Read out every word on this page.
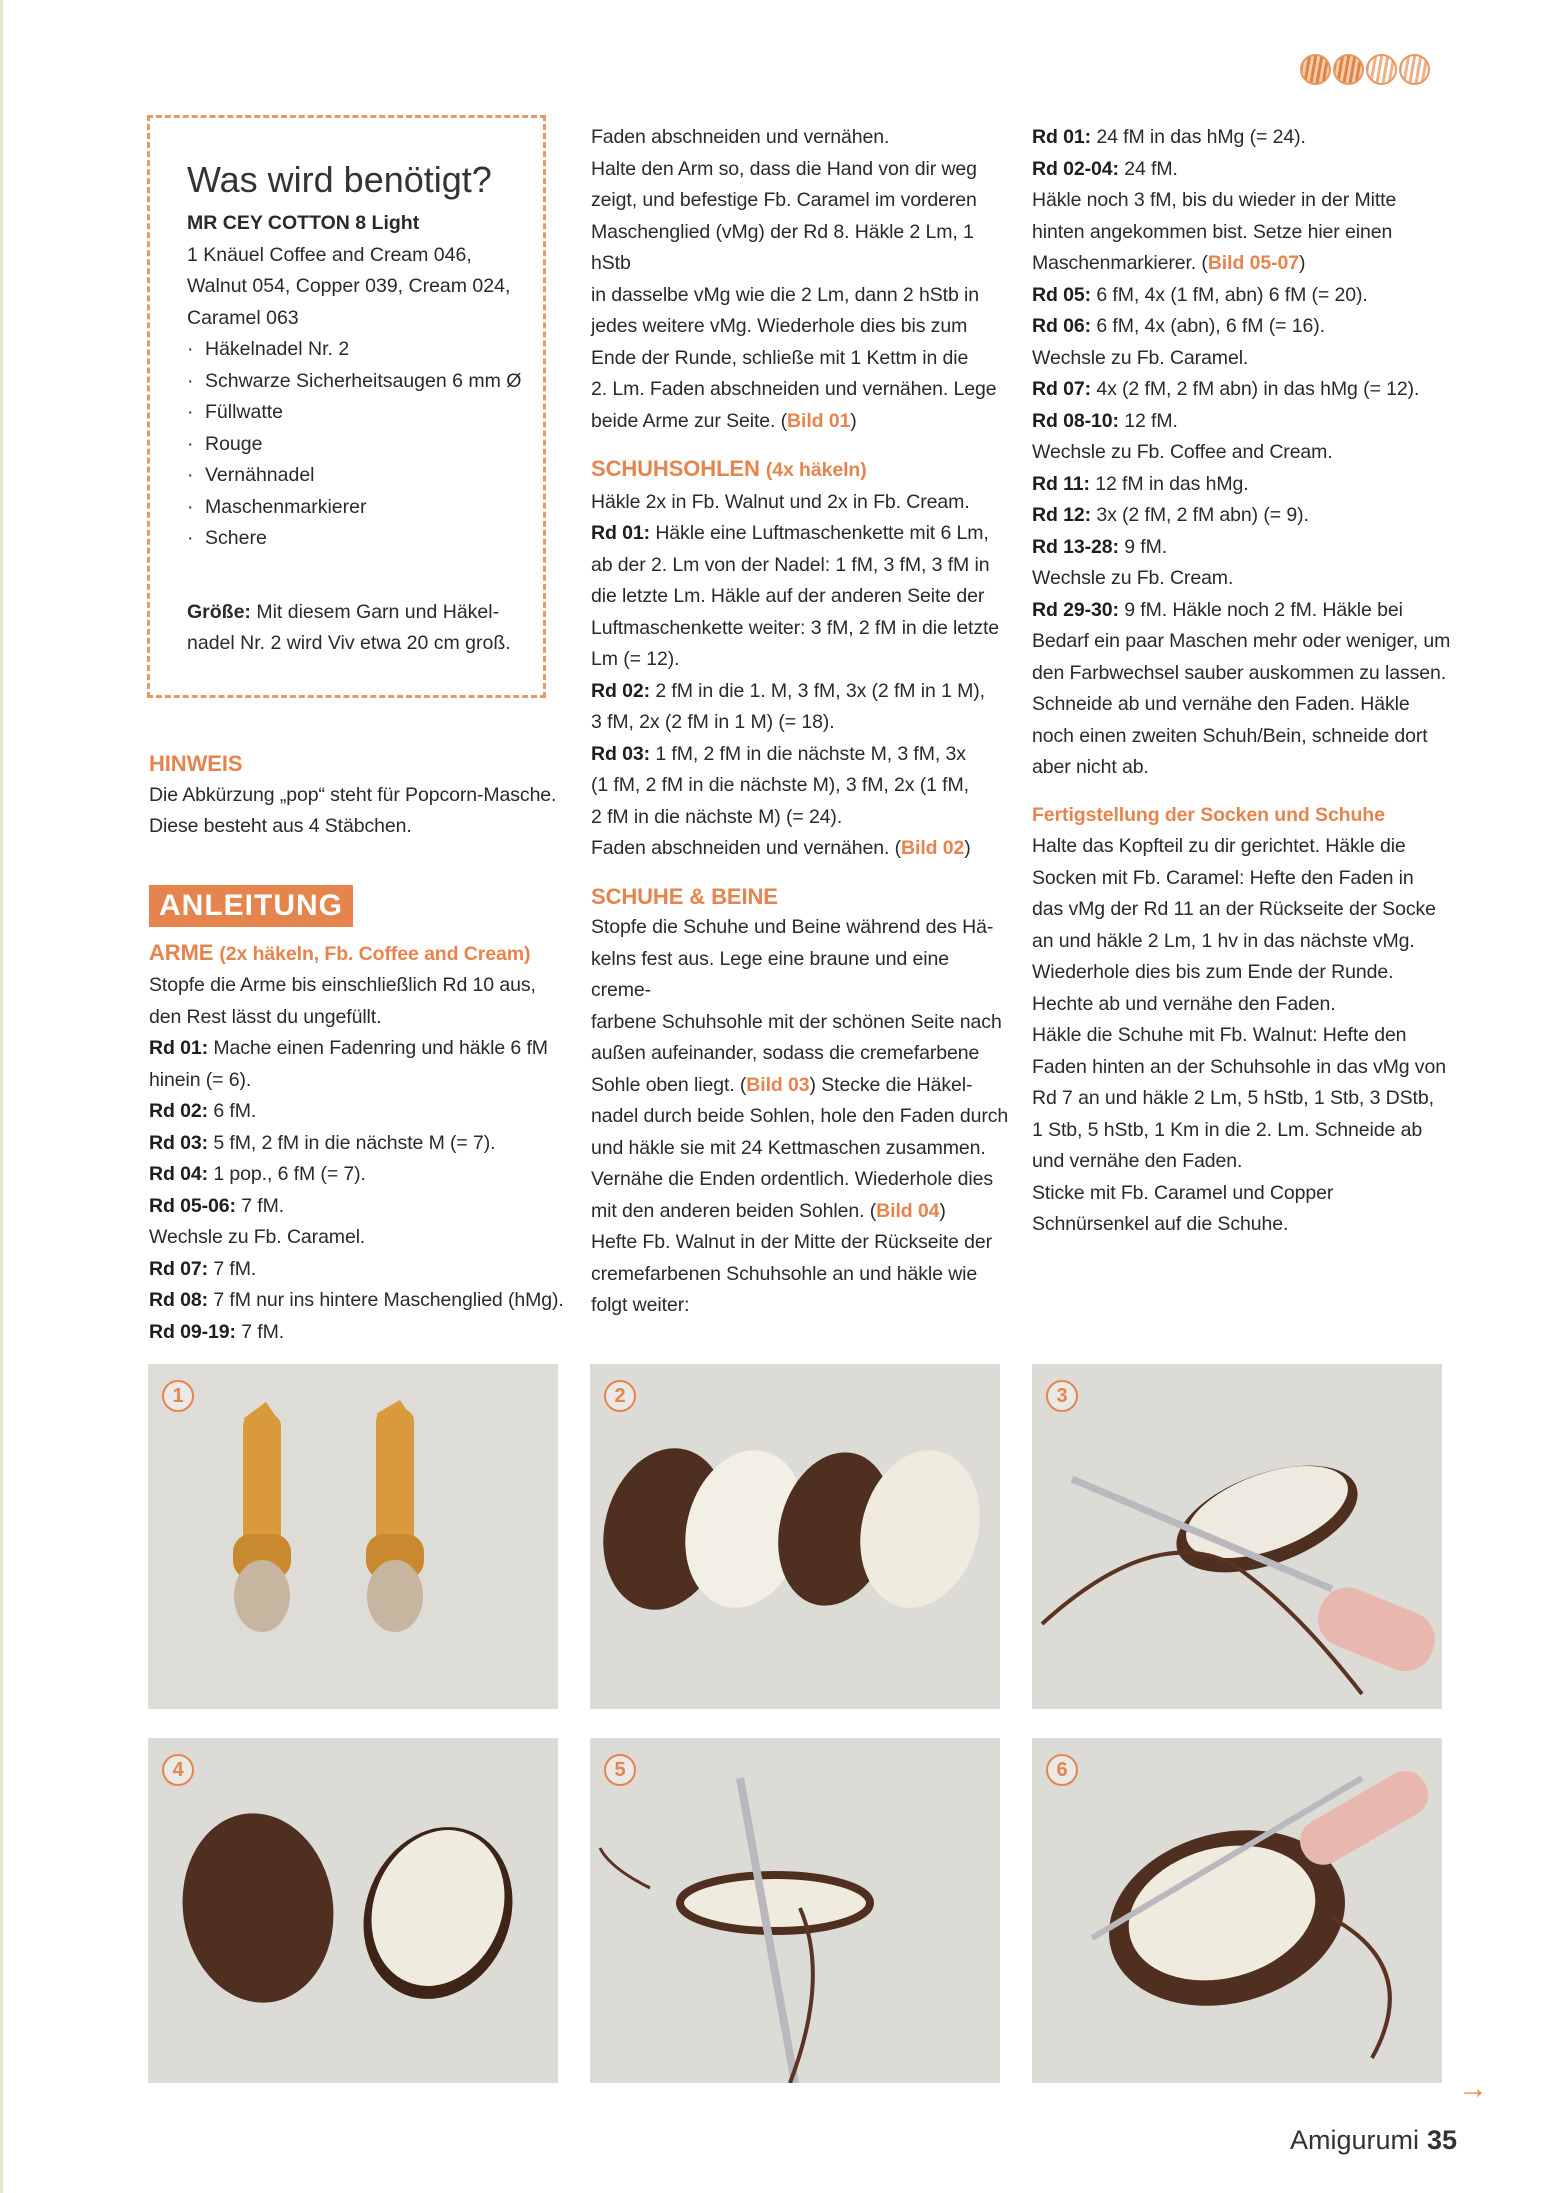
Was wird benötigt?

MR CEY COTTON 8 Light

1 Knäuel Coffee and Cream 046,
Walnut 054, Copper 039, Cream 024,
Caramel 063
· Häkelnadel Nr. 2
· Schwarze Sicherheitsaugen 6 mm Ø
· Füllwatte
· Rouge
· Vernähnadel
· Maschenmarkierer
· Schere
Größe: Mit diesem Garn und Häkel-
nadel Nr. 2 wird Viv etwa 20 cm groß.
HINWEIS

Die Abkürzung „pop“ steht für Popcorn-Masche.

Diese besteht aus 4 Stäbchen.

ANLEITUNG
ARME (2x häkeln, Fb. Coffee and Cream)

Stopfe die Arme bis einschließlich Rd 10 aus,

den Rest lässt du ungefüllt.

Rd 01: Mache einen Fadenring und häkle 6 fM

hinein (= 6).

Rd 02: 6 fM.

Rd 03: 5 fM, 2 fM in die nächste M (= 7).

Rd 04: 1 pop., 6 fM (= 7).

Rd 05-06: 7 fM.

Wechsle zu Fb. Caramel.

Rd 07: 7 fM.

Rd 08: 7 fM nur ins hintere Maschenglied (hMg).

Rd 09-19: 7 fM.

Faden abschneiden und vernähen.

Halte den Arm so, dass die Hand von dir weg

zeigt, und befestige Fb. Caramel im vorderen

Maschenglied (vMg) der Rd 8. Häkle 2 Lm, 1 hStb

in dasselbe vMg wie die 2 Lm, dann 2 hStb in

jedes weitere vMg. Wiederhole dies bis zum

Ende der Runde, schließe mit 1 Kettm in die

2. Lm. Faden abschneiden und vernähen. Lege

beide Arme zur Seite. (Bild 01)

SCHUHSOHLEN (4x häkeln)

Häkle 2x in Fb. Walnut und 2x in Fb. Cream.

Rd 01: Häkle eine Luftmaschenkette mit 6 Lm,

ab der 2. Lm von der Nadel: 1 fM, 3 fM, 3 fM in

die letzte Lm. Häkle auf der anderen Seite der

Luftmaschenkette weiter: 3 fM, 2 fM in die letzte

Lm (= 12).

Rd 02: 2 fM in die 1. M, 3 fM, 3x (2 fM in 1 M),

3 fM, 2x (2 fM in 1 M) (= 18).

Rd 03: 1 fM, 2 fM in die nächste M, 3 fM, 3x

(1 fM, 2 fM in die nächste M), 3 fM, 2x (1 fM,

2 fM in die nächste M) (= 24).

Faden abschneiden und vernähen. (Bild 02)

SCHUHE & BEINE

Stopfe die Schuhe und Beine während des Hä-

kelns fest aus. Lege eine braune und eine creme-

farbene Schuhsohle mit der schönen Seite nach

außen aufeinander, sodass die cremefarbene

Sohle oben liegt. (Bild 03) Stecke die Häkel-

nadel durch beide Sohlen, hole den Faden durch

und häkle sie mit 24 Kettmaschen zusammen.

Vernähe die Enden ordentlich. Wiederhole dies

mit den anderen beiden Sohlen. (Bild 04)

Hefte Fb. Walnut in der Mitte der Rückseite der

cremefarbenen Schuhsohle an und häkle wie

folgt weiter:

Rd 01: 24 fM in das hMg (= 24).

Rd 02-04: 24 fM.

Häkle noch 3 fM, bis du wieder in der Mitte

hinten angekommen bist. Setze hier einen

Maschenmarkierer. (Bild 05-07)

Rd 05: 6 fM, 4x (1 fM, abn) 6 fM (= 20).

Rd 06: 6 fM, 4x (abn), 6 fM (= 16).

Wechsle zu Fb. Caramel.

Rd 07: 4x (2 fM, 2 fM abn) in das hMg (= 12).

Rd 08-10: 12 fM.

Wechsle zu Fb. Coffee and Cream.

Rd 11: 12 fM in das hMg.

Rd 12: 3x (2 fM, 2 fM abn) (= 9).

Rd 13-28: 9 fM.

Wechsle zu Fb. Cream.

Rd 29-30: 9 fM. Häkle noch 2 fM. Häkle bei

Bedarf ein paar Maschen mehr oder weniger, um

den Farbwechsel sauber auskommen zu lassen.

Schneide ab und vernähe den Faden. Häkle

noch einen zweiten Schuh/Bein, schneide dort

aber nicht ab.

Fertigstellung der Socken und Schuhe

Halte das Kopfteil zu dir gerichtet. Häkle die

Socken mit Fb. Caramel: Hefte den Faden in

das vMg der Rd 11 an der Rückseite der Socke

an und häkle 2 Lm, 1 hv in das nächste vMg.

Wiederhole dies bis zum Ende der Runde.

Hechte ab und vernähe den Faden.

Häkle die Schuhe mit Fb. Walnut: Hefte den

Faden hinten an der Schuhsohle in das vMg von

Rd 7 an und häkle 2 Lm, 5 hStb, 1 Stb, 3 DStb,

1 Stb, 5 hStb, 1 Km in die 2. Lm. Schneide ab

und vernähe den Faden.

Sticke mit Fb. Caramel und Copper

Schnürsenkel auf die Schuhe.

1	2	3
4	5	6
→
Amigurumi 35
